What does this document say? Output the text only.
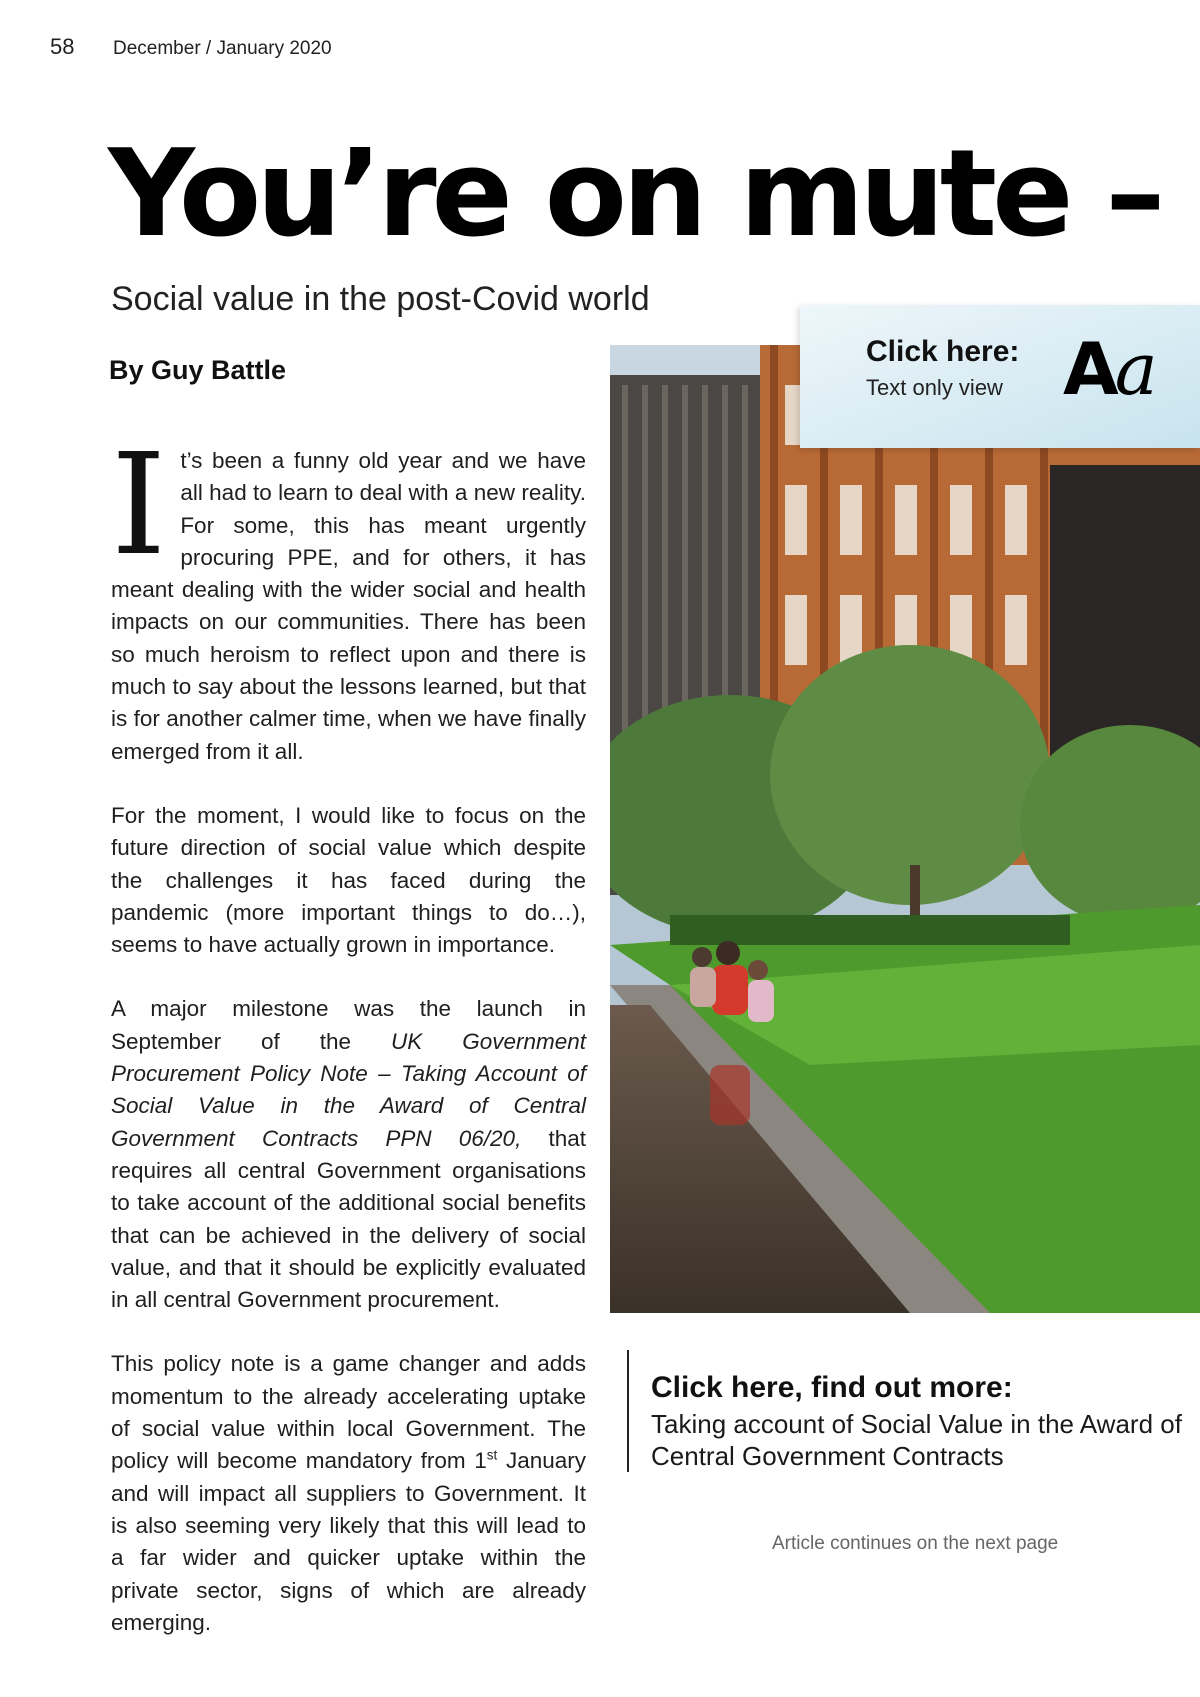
58 December / January 2020
You’re on mute –
Social value in the post-Covid world
By Guy Battle

It’s been a funny old year and we have all had to learn to deal with a new reality. For some, this has meant urgently procuring PPE, and for others, it has meant dealing with the wider social and health impacts on our communities. There has been so much heroism to reflect upon and there is much to say about the lessons learned, but that is for another calmer time, when we have finally emerged from it all.

For the moment, I would like to focus on the future direction of social value which despite the challenges it has faced during the pandemic (more important things to do…), seems to have actually grown in importance.

A major milestone was the launch in September of the UK Government Procurement Policy Note – Taking Account of Social Value in the Award of Central Government Contracts PPN 06/20, that requires all central Government organisations to take account of the additional social benefits that can be achieved in the delivery of social value, and that it should be explicitly evaluated in all central Government procurement.

This policy note is a game changer and adds momentum to the already accelerating uptake of social value within local Government. The policy will become mandatory from 1st January and will impact all suppliers to Government. It is also seeming very likely that this will lead to a far wider and quicker uptake within the private sector, signs of which are already emerging.

Click here:
Text only view Aa
Click here, find out more:
Taking account of Social Value in the Award of Central Government Contracts
Article continues on the next page
